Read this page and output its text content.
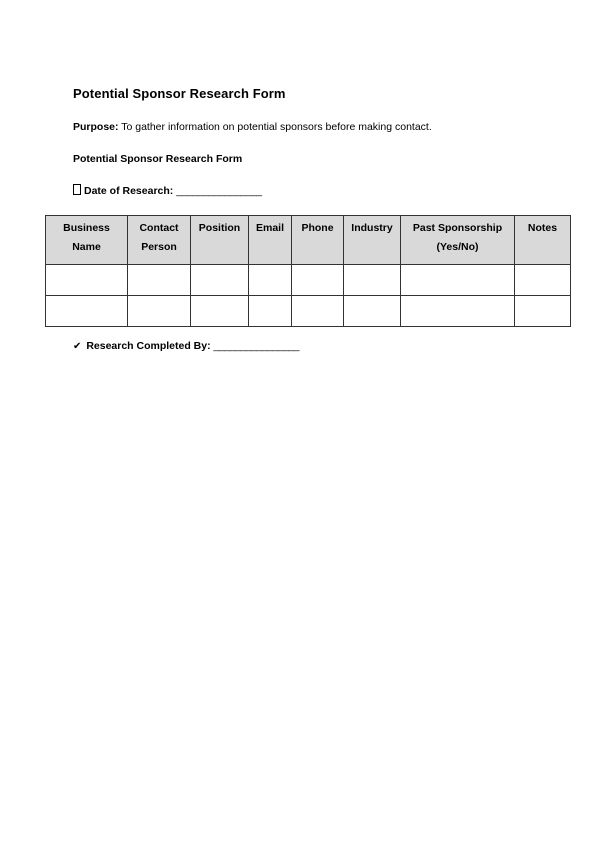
Potential Sponsor Research Form
Purpose: To gather information on potential sponsors before making contact.
Potential Sponsor Research Form
Date of Research: ________________
Business Name	Contact Person	Position	Email	Phone	Industry	Past Sponsorship (Yes/No)	Notes

✔ Research Completed By: ________________
